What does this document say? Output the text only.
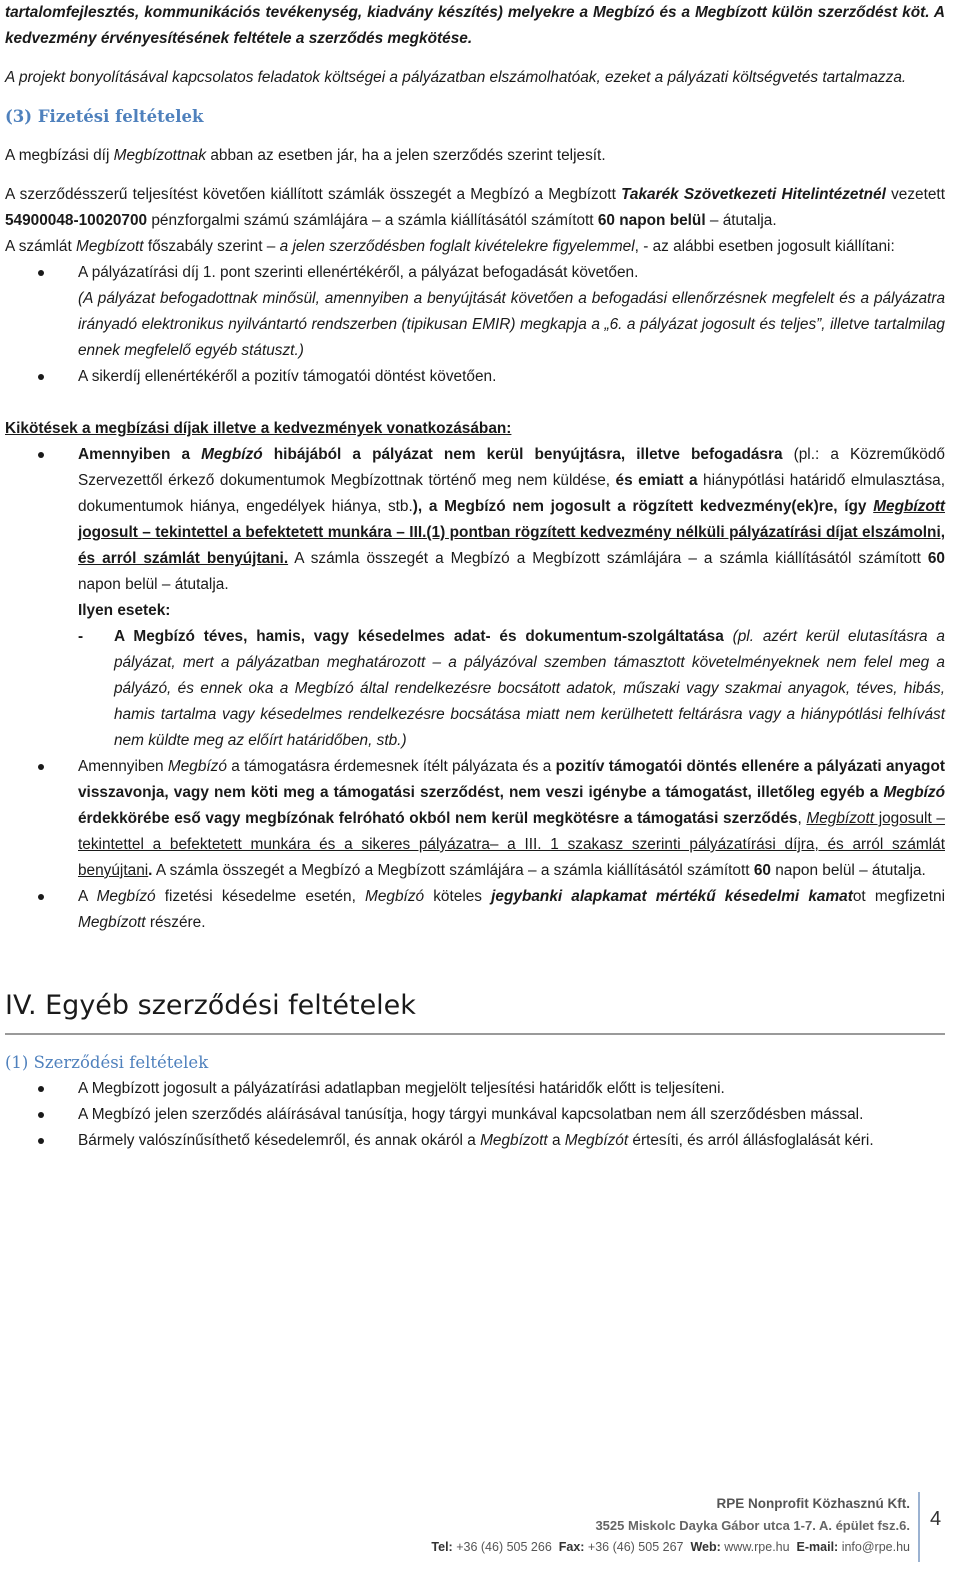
tartalomfejlesztés, kommunikációs tevékenység, kiadvány készítés) melyekre a Megbízó és a Megbízott külön szerződést köt. A kedvezmény érvényesítésének feltétele a szerződés megkötése.

A projekt bonyolításával kapcsolatos feladatok költségei a pályázatban elszámolhatóak, ezeket a pályázati költségvetés tartalmazza.

(3) Fizetési feltételek

A megbízási díj Megbízottnak abban az esetben jár, ha a jelen szerződés szerint teljesít.

A szerződésszerű teljesítést követően kiállított számlák összegét a Megbízó a Megbízott Takarék Szövetkezeti Hitelintézetnél vezetett 54900048-10020700 pénzforgalmi számú számlájára – a számla kiállításától számított 60 napon belül – átutalja.

A számlát Megbízott főszabály szerint – a jelen szerződésben foglalt kivételekre figyelemmel, - az alábbi esetben jogosult kiállítani:

A pályázatírási díj 1. pont szerinti ellenértékéről, a pályázat befogadását követően.
(A pályázat befogadottnak minősül, amennyiben a benyújtását követően a befogadási ellenőrzésnek megfelelt és a pályázatra irányadó elektronikus nyilvántartó rendszerben (tipikusan EMIR) megkapja a „6. a pályázat jogosult és teljes”, illetve tartalmilag ennek megfelelő egyéb státuszt.)
A sikerdíj ellenértékéről a pozitív támogatói döntést követően.

Kikötések a megbízási díjak illetve a kedvezmények vonatkozásában:

Amennyiben a Megbízó hibájából a pályázat nem kerül benyújtásra, illetve befogadásra (pl.: a Közreműködő Szervezettől érkező dokumentumok Megbízottnak történő meg nem küldése, és emiatt a hiánypótlási határidő elmulasztása, dokumentumok hiánya, engedélyek hiánya, stb.), a Megbízó nem jogosult a rögzített kedvezmény(ek)re, így Megbízott jogosult – tekintettel a befektetett munkára – III.(1) pontban rögzített kedvezmény nélküli pályázatírási díjat elszámolni, és arról számlát benyújtani. A számla összegét a Megbízó a Megbízott számlájára – a számla kiállításától számított 60 napon belül – átutalja.
Ilyen esetek:
- A Megbízó téves, hamis, vagy késedelmes adat- és dokumentum-szolgáltatása (pl. azért kerül elutasításra a pályázat, mert a pályázatban meghatározott – a pályázóval szemben támasztott követelményeknek nem felel meg a pályázó, és ennek oka a Megbízó által rendelkezésre bocsátott adatok, műszaki vagy szakmai anyagok, téves, hibás, hamis tartalma vagy késedelmes rendelkezésre bocsátása miatt nem kerülhetett feltárásra vagy a hiánypótlási felhívást nem küldte meg az előírt határidőben, stb.)
Amennyiben Megbízó a támogatásra érdemesnek ítélt pályázata és a pozitív támogatói döntés ellenére a pályázati anyagot visszavonja, vagy nem köti meg a támogatási szerződést, nem veszi igénybe a támogatást, illetőleg egyéb a Megbízó érdekkörébe eső vagy megbízónak felróható okból nem kerül megkötésre a támogatási szerződés, Megbízott jogosult – tekintettel a befektetett munkára és a sikeres pályázatra– a III. 1 szakasz szerinti pályázatírási díjra, és arról számlát benyújtani. A számla összegét a Megbízó a Megbízott számlájára – a számla kiállításától számított 60 napon belül – átutalja.
A Megbízó fizetési késedelme esetén, Megbízó köteles jegybanki alapkamat mértékű késedelmi kamatot megfizetni Megbízott részére.
IV. Egyéb szerződési feltételek

(1) Szerződési feltételek

A Megbízott jogosult a pályázatírási adatlapban megjelölt teljesítési határidők előtt is teljesíteni.
A Megbízó jelen szerződés aláírásával tanúsítja, hogy tárgyi munkával kapcsolatban nem áll szerződésben mással.
Bármely valószínűsíthető késedelemről, és annak okáról a Megbízott a Megbízót értesíti, és arról állásfoglalását kéri.
RPE Nonprofit Közhasznú Kft.
3525 Miskolc Dayka Gábor utca 1-7. A. épület fsz.6.
Tel: +36 (46) 505 266 Fax: +36 (46) 505 267 Web: www.rpe.hu E-mail: info@rpe.hu
4
